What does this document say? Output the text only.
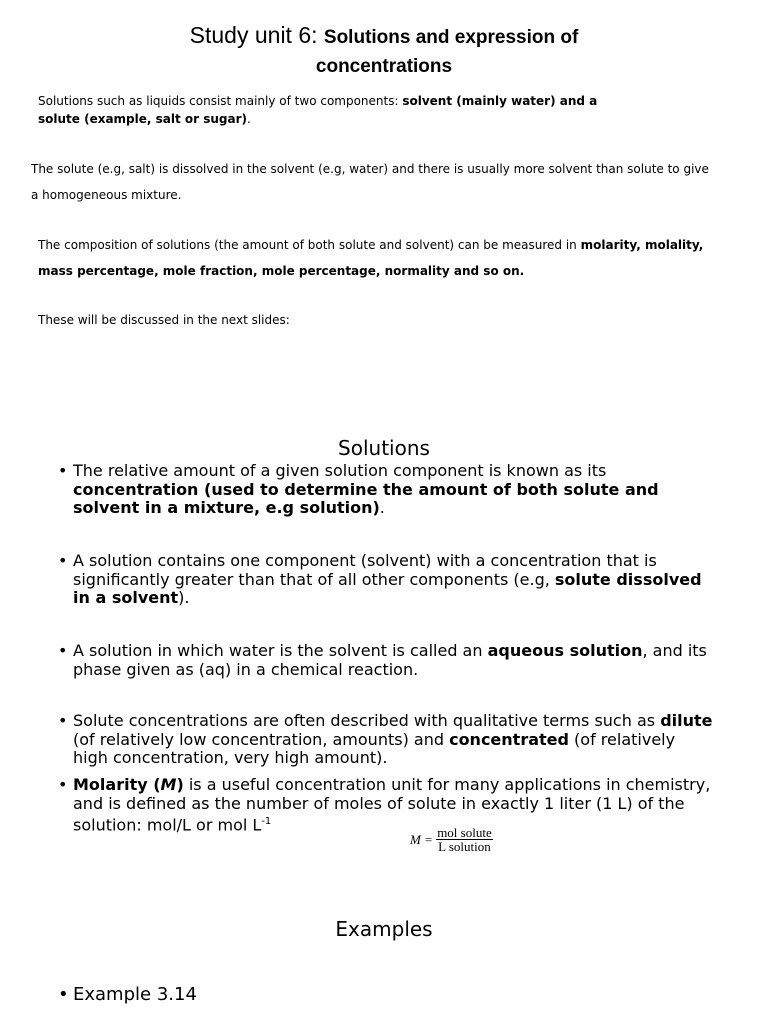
Study unit 6: Solutions and expression of
concentrations
Solutions such as liquids consist mainly of two components: solvent (mainly water) and a
solute (example, salt or sugar).
The solute (e.g, salt) is dissolved in the solvent (e.g, water) and there is usually more solvent than solute to give
a homogeneous mixture.
The composition of solutions (the amount of both solute and solvent) can be measured in molarity, molality,
mass percentage, mole fraction, mole percentage, normality and so on.
These will be discussed in the next slides:
Solutions
• The relative amount of a given solution component is known as its concentration (used to determine the amount of both solute and solvent in a mixture, e.g solution).
• A solution contains one component (solvent) with a concentration that is significantly greater than that of all other components (e.g, solute dissolved in a solvent).
• A solution in which water is the solvent is called an aqueous solution, and its phase given as (aq) in a chemical reaction.
• Solute concentrations are often described with qualitative terms such as dilute (of relatively low concentration, amounts) and concentrated (of relatively high concentration, very high amount).
• Molarity (M) is a useful concentration unit for many applications in chemistry, and is defined as the number of moles of solute in exactly 1 liter (1 L) of the solution: mol/L or mol $L^{-1}$
$M = \frac{\text{mol solute}}{\text{L solution}}$
Examples
• Example 3.14
